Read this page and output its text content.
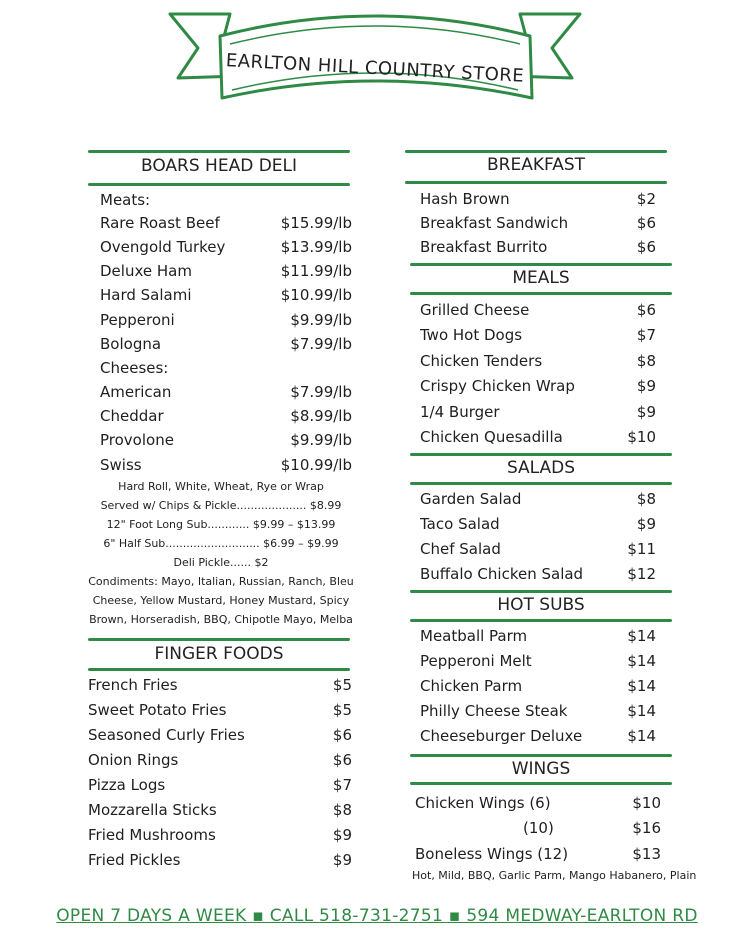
EARLTON HILL COUNTRY STORE
BOARS HEAD DELI
Meats:
Rare Roast Beef	$15.99/lb
Ovengold Turkey	$13.99/lb
Deluxe Ham	$11.99/lb
Hard Salami	$10.99/lb
Pepperoni	$9.99/lb
Bologna	$7.99/lb
Cheeses:
American	$7.99/lb
Cheddar	$8.99/lb
Provolone	$9.99/lb
Swiss	$10.99/lb
Hard Roll, White, Wheat, Rye or Wrap
Served w/ Chips & Pickle.................... $8.99
12" Foot Long Sub............ $9.99 – $13.99
6" Half Sub........................... $6.99 – $9.99
Deli Pickle...... $2
Condiments: Mayo, Italian, Russian, Ranch, Bleu
Cheese, Yellow Mustard, Honey Mustard, Spicy
Brown, Horseradish, BBQ, Chipotle Mayo, Melba
FINGER FOODS
French Fries	$5
Sweet Potato Fries	$5
Seasoned Curly Fries	$6
Onion Rings	$6
Pizza Logs	$7
Mozzarella Sticks	$8
Fried Mushrooms	$9
Fried Pickles	$9
BREAKFAST
Hash Brown	$2
Breakfast Sandwich	$6
Breakfast Burrito	$6
MEALS
Grilled Cheese	$6
Two Hot Dogs	$7
Chicken Tenders	$8
Crispy Chicken Wrap	$9
1/4 Burger	$9
Chicken Quesadilla	$10
SALADS
Garden Salad	$8
Taco Salad	$9
Chef Salad	$11
Buffalo Chicken Salad	$12
HOT SUBS
Meatball Parm	$14
Pepperoni Melt	$14
Chicken Parm	$14
Philly Cheese Steak	$14
Cheeseburger Deluxe	$14
WINGS
Chicken Wings (6)	$10
(10)	$16
Boneless Wings (12)	$13
Hot, Mild, BBQ, Garlic Parm, Mango Habanero, Plain
OPEN 7 DAYS A WEEK ▪ CALL 518-731-2751 ▪ 594 MEDWAY-EARLTON RD
